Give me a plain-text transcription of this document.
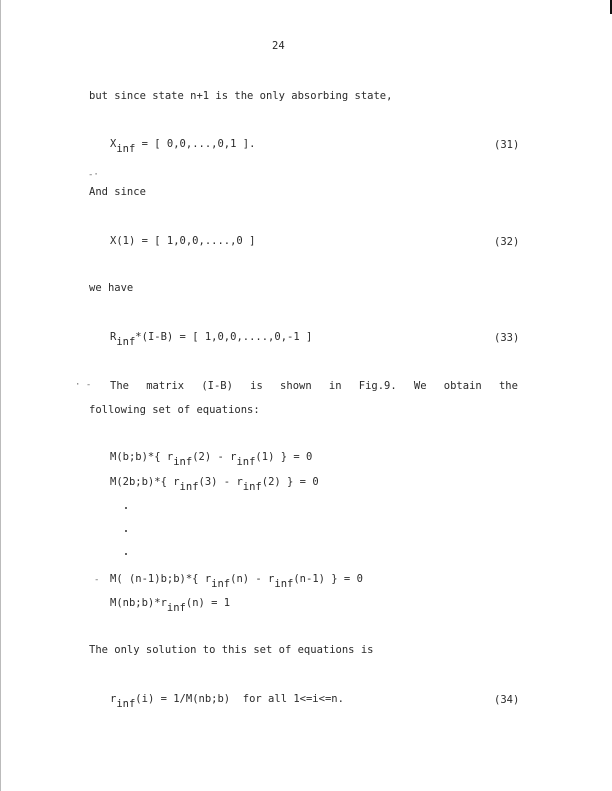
24
but since state n+1 is the only absorbing state,
$X_{inf}$ = [ 0,0,...,0,1 ].	(31)
-·
And since
X(1) = [ 1,0,0,....,0 ]	(32)
we have
$R_{inf}*(I-B)$ = [ 1,0,0,....,0,-1 ]	(33)
· - The matrix (I-B) is shown in Fig.9. We obtain the
following set of equations:
M(b;b)*{ $r_{inf}(2) - r_{inf}(1)$ } = 0
M(2b;b)*{ $r_{inf}(3) - r_{inf}(2)$ } = 0
- M( (n-1)b;b)*{ $r_{inf}(n) - r_{inf}(n-1)$ } = 0
$M(nb;b)*r_{inf}(n) = 1$
The only solution to this set of equations is
$r_{inf}(i)$ = 1/M(nb;b)  for all 1<=i<=n.	(34)
